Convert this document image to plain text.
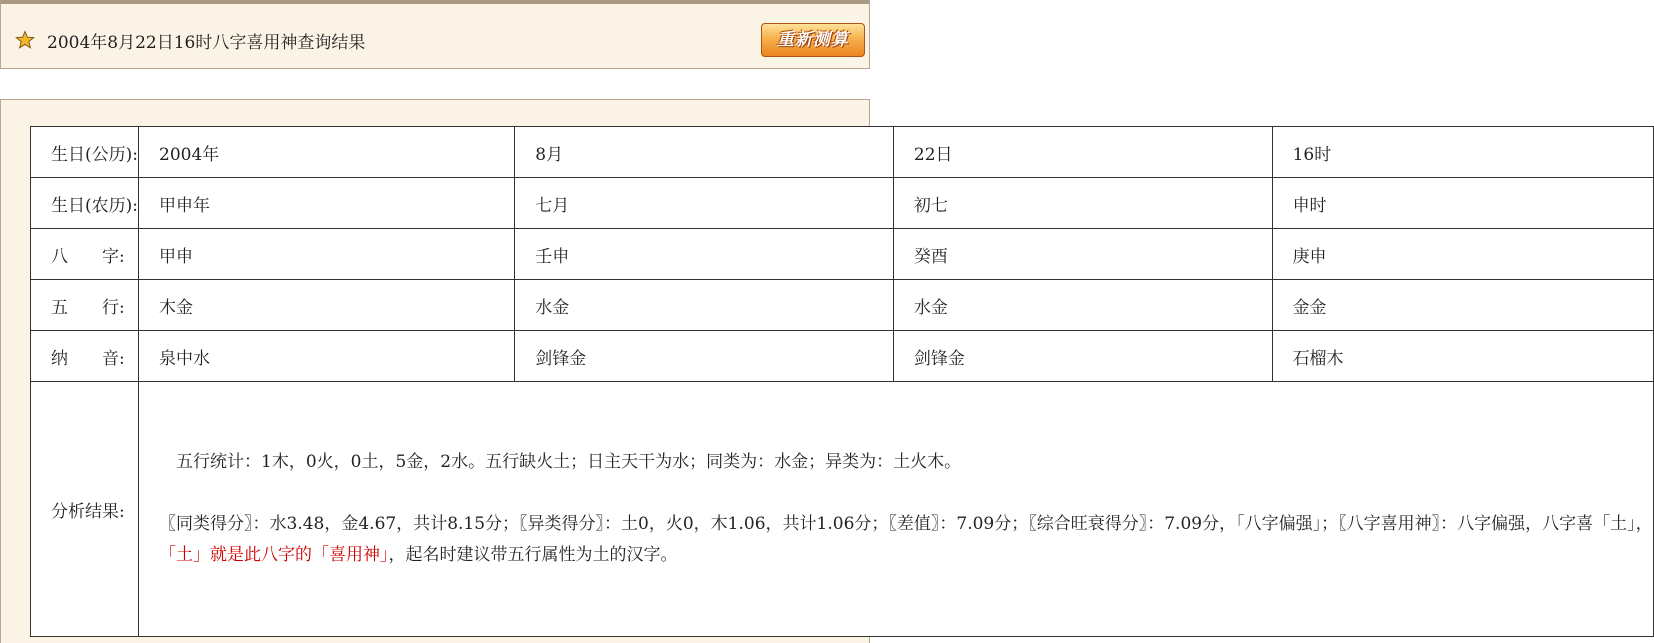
2004年8月22日16时八字喜用神查询结果	重新测算
生日(公历):	2004年	8月	22日	16时
生日(农历):	甲申年	七月	初七	申时
八 字:	甲申	壬申	癸酉	庚申
五 行:	木金	水金	水金	金金
纳 音:	泉中水	剑锋金	剑锋金	石榴木
分析结果:	
　五行统计：1木，0火，0土，5金，2水。五行缺火土；日主天干为水；同类为：水金；异类为：土火木。
〖同类得分〗：水3.48，金4.67，共计8.15分；〖异类得分〗：土0，火0，木1.06，共计1.06分；〖差值〗：7.09分；〖综合旺衰得分〗：7.09分，「八字偏强」；〖八字喜用神〗：八字偏强，八字喜「土」，
「土」就是此八字的「喜用神」，起名时建议带五行属性为土的汉字。			
